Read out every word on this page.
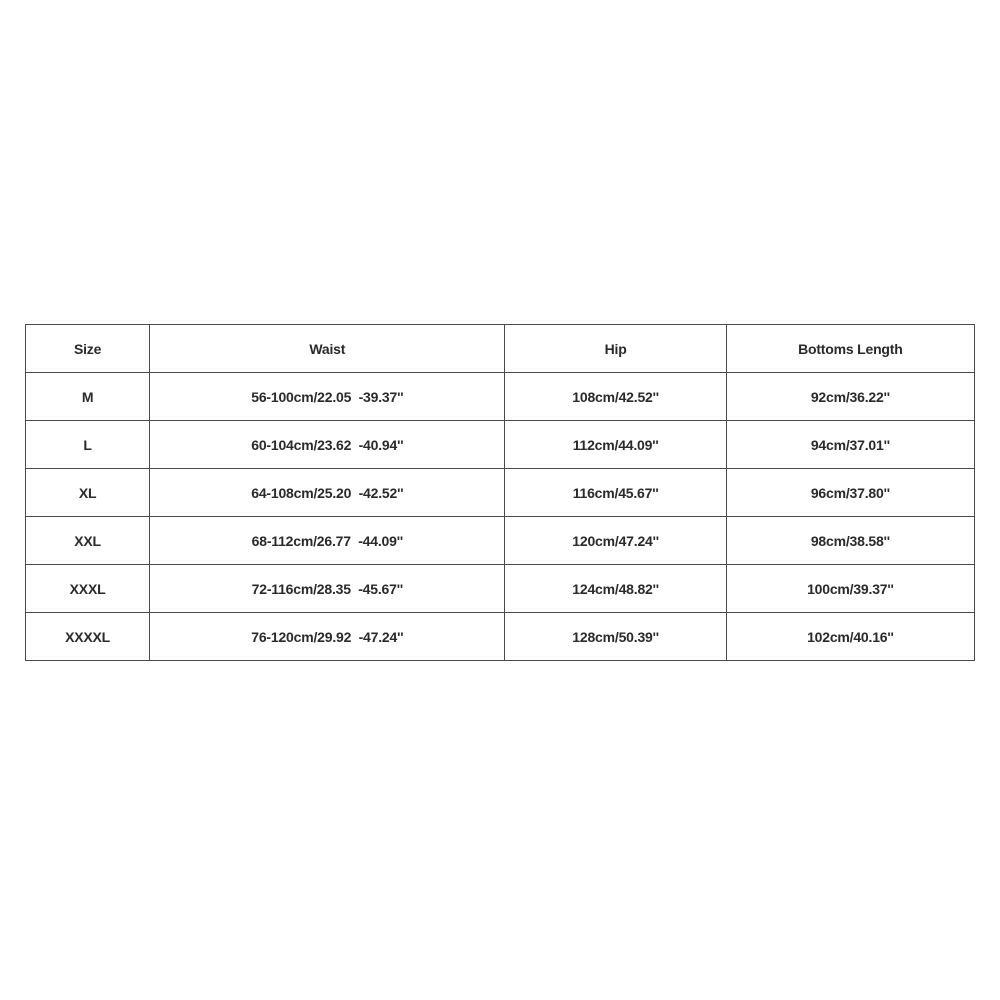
Size	Waist	Hip	Bottoms Length
M	56-100cm/22.05  -39.37''	108cm/42.52''	92cm/36.22''
L	60-104cm/23.62  -40.94''	112cm/44.09''	94cm/37.01''
XL	64-108cm/25.20  -42.52''	116cm/45.67''	96cm/37.80''
XXL	68-112cm/26.77  -44.09''	120cm/47.24''	98cm/38.58''
XXXL	72-116cm/28.35  -45.67''	124cm/48.82''	100cm/39.37''
XXXXL	76-120cm/29.92  -47.24''	128cm/50.39''	102cm/40.16''
